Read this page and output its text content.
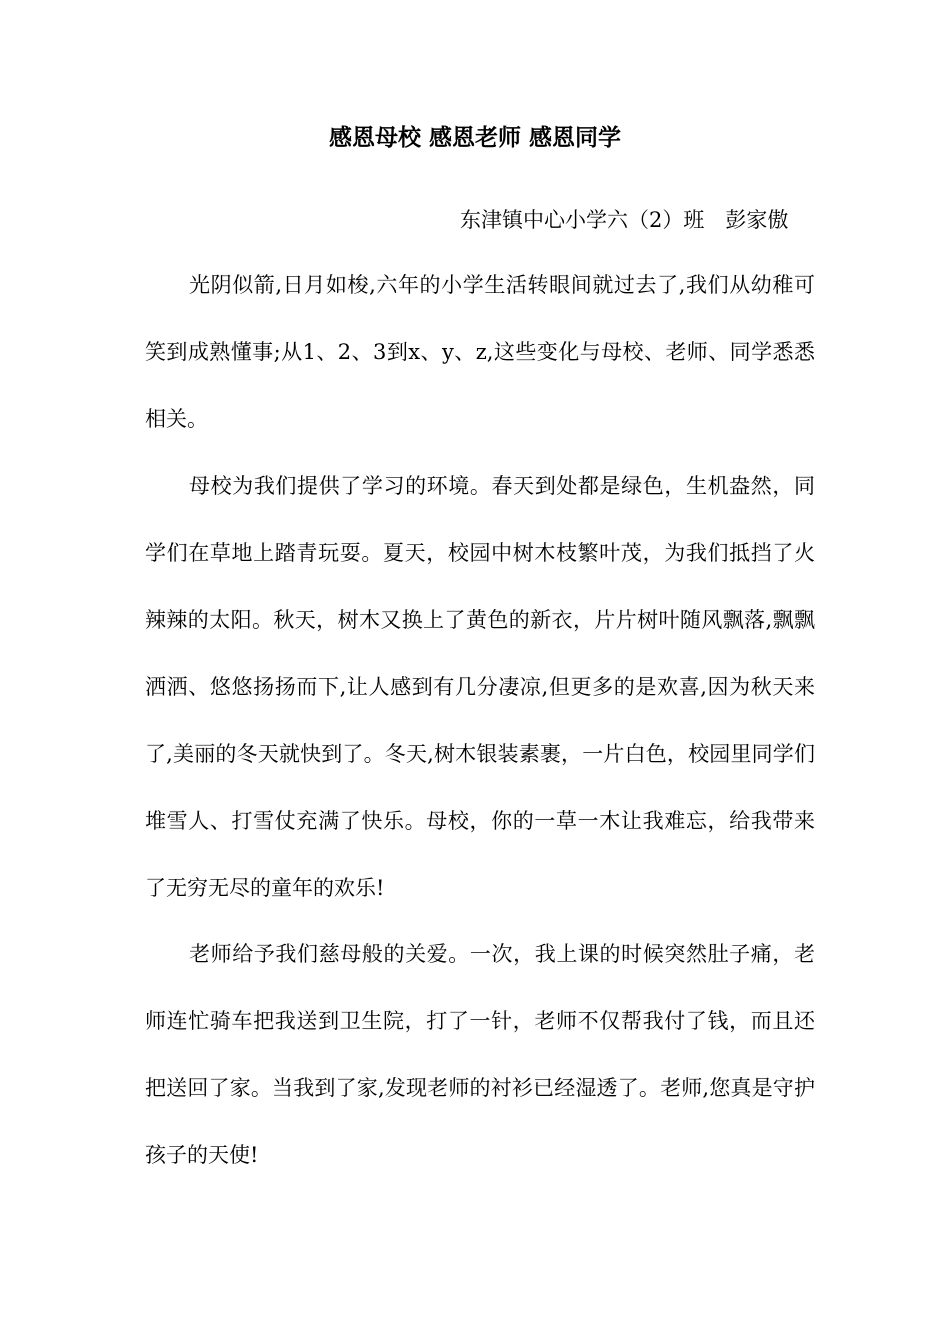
感恩母校 感恩老师 感恩同学
东津镇中心小学六（2）班　彭家傲

光阴似箭,日月如梭,六年的小学生活转眼间就过去了,我们从幼稚可笑到成熟懂事;从1、2、3到x、y、z,这些变化与母校、老师、同学悉悉相关。

母校为我们提供了学习的环境。春天到处都是绿色，生机盎然，同学们在草地上踏青玩耍。夏天，校园中树木枝繁叶茂，为我们抵挡了火辣辣的太阳。秋天，树木又换上了黄色的新衣，片片树叶随风飘落,飘飘洒洒、悠悠扬扬而下,让人感到有几分凄凉,但更多的是欢喜,因为秋天来了,美丽的冬天就快到了。冬天,树木银装素裹，一片白色，校园里同学们堆雪人、打雪仗充满了快乐。母校，你的一草一木让我难忘，给我带来了无穷无尽的童年的欢乐!

老师给予我们慈母般的关爱。一次，我上课的时候突然肚子痛，老师连忙骑车把我送到卫生院，打了一针，老师不仅帮我付了钱，而且还把送回了家。当我到了家,发现老师的衬衫已经湿透了。老师,您真是守护孩子的天使!
